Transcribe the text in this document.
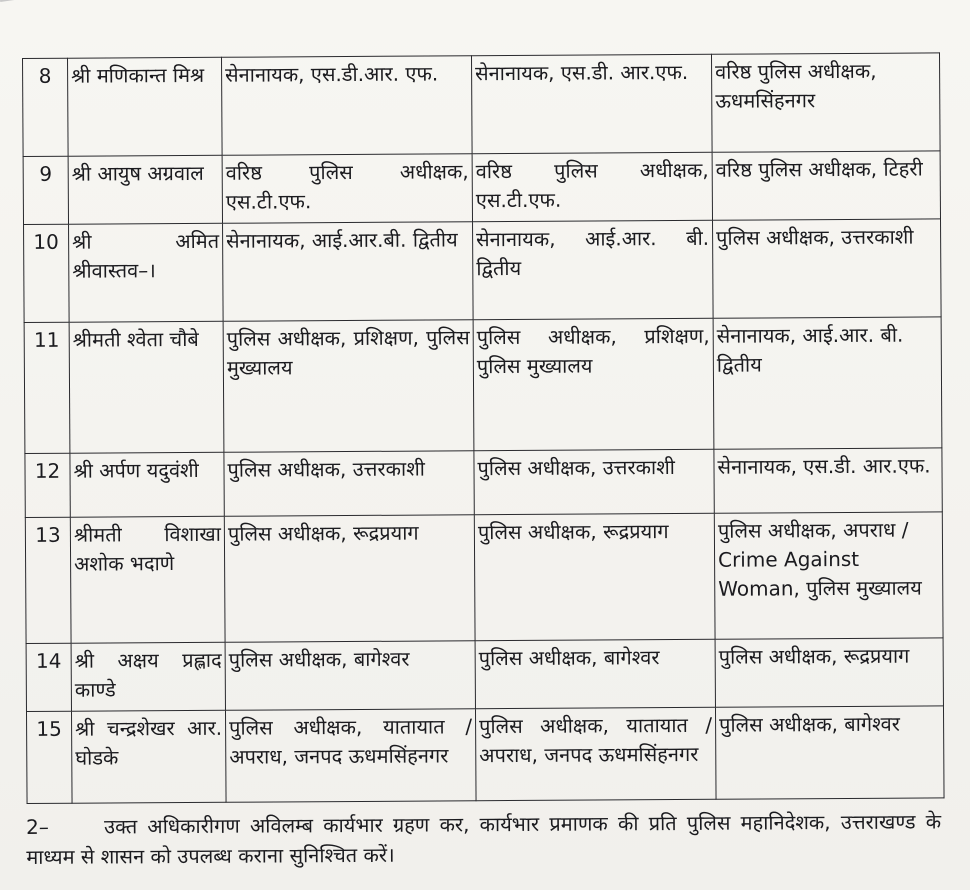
8	श्री मणिकान्त मिश्र	सेनानायक, एस.डी.आर. एफ.	सेनानायक, एस.डी. आर.एफ.	वरिष्ठ पुलिस अधीक्षक, ऊधमसिंहनगर
9	श्री आयुष अग्रवाल	वरिष्ठ पुलिस अधीक्षक, एस.टी.एफ.	वरिष्ठ पुलिस अधीक्षक, एस.टी.एफ.	वरिष्ठ पुलिस अधीक्षक, टिहरी
10	श्री अमित श्रीवास्तव–।	सेनानायक, आई.आर.बी. द्वितीय	सेनानायक, आई.आर. बी. द्वितीय	पुलिस अधीक्षक, उत्तरकाशी
11	श्रीमती श्वेता चौबे	पुलिस अधीक्षक, प्रशिक्षण, पुलिस मुख्यालय	पुलिस अधीक्षक, प्रशिक्षण, पुलिस मुख्यालय	सेनानायक, आई.आर. बी. द्वितीय
12	श्री अर्पण यदुवंशी	पुलिस अधीक्षक, उत्तरकाशी	पुलिस अधीक्षक, उत्तरकाशी	सेनानायक, एस.डी. आर.एफ.
13	श्रीमती विशाखा अशोक भदाणे	पुलिस अधीक्षक, रूद्रप्रयाग	पुलिस अधीक्षक, रूद्रप्रयाग	पुलिस अधीक्षक, अपराध / Crime Against Woman, पुलिस मुख्यालय
14	श्री अक्षय प्रह्लाद काण्डे	पुलिस अधीक्षक, बागेश्वर	पुलिस अधीक्षक, बागेश्वर	पुलिस अधीक्षक, रूद्रप्रयाग
15	श्री चन्द्रशेखर आर. घोडके	पुलिस अधीक्षक, यातायात / अपराध, जनपद ऊधमसिंहनगर	पुलिस अधीक्षक, यातायात / अपराध, जनपद ऊधमसिंहनगर	पुलिस अधीक्षक, बागेश्वर
2–	उक्त अधिकारीगण अविलम्ब कार्यभार ग्रहण कर, कार्यभार प्रमाणक की प्रति पुलिस महानिदेशक, उत्तराखण्ड के माध्यम से शासन को उपलब्ध कराना सुनिश्चित करें।
